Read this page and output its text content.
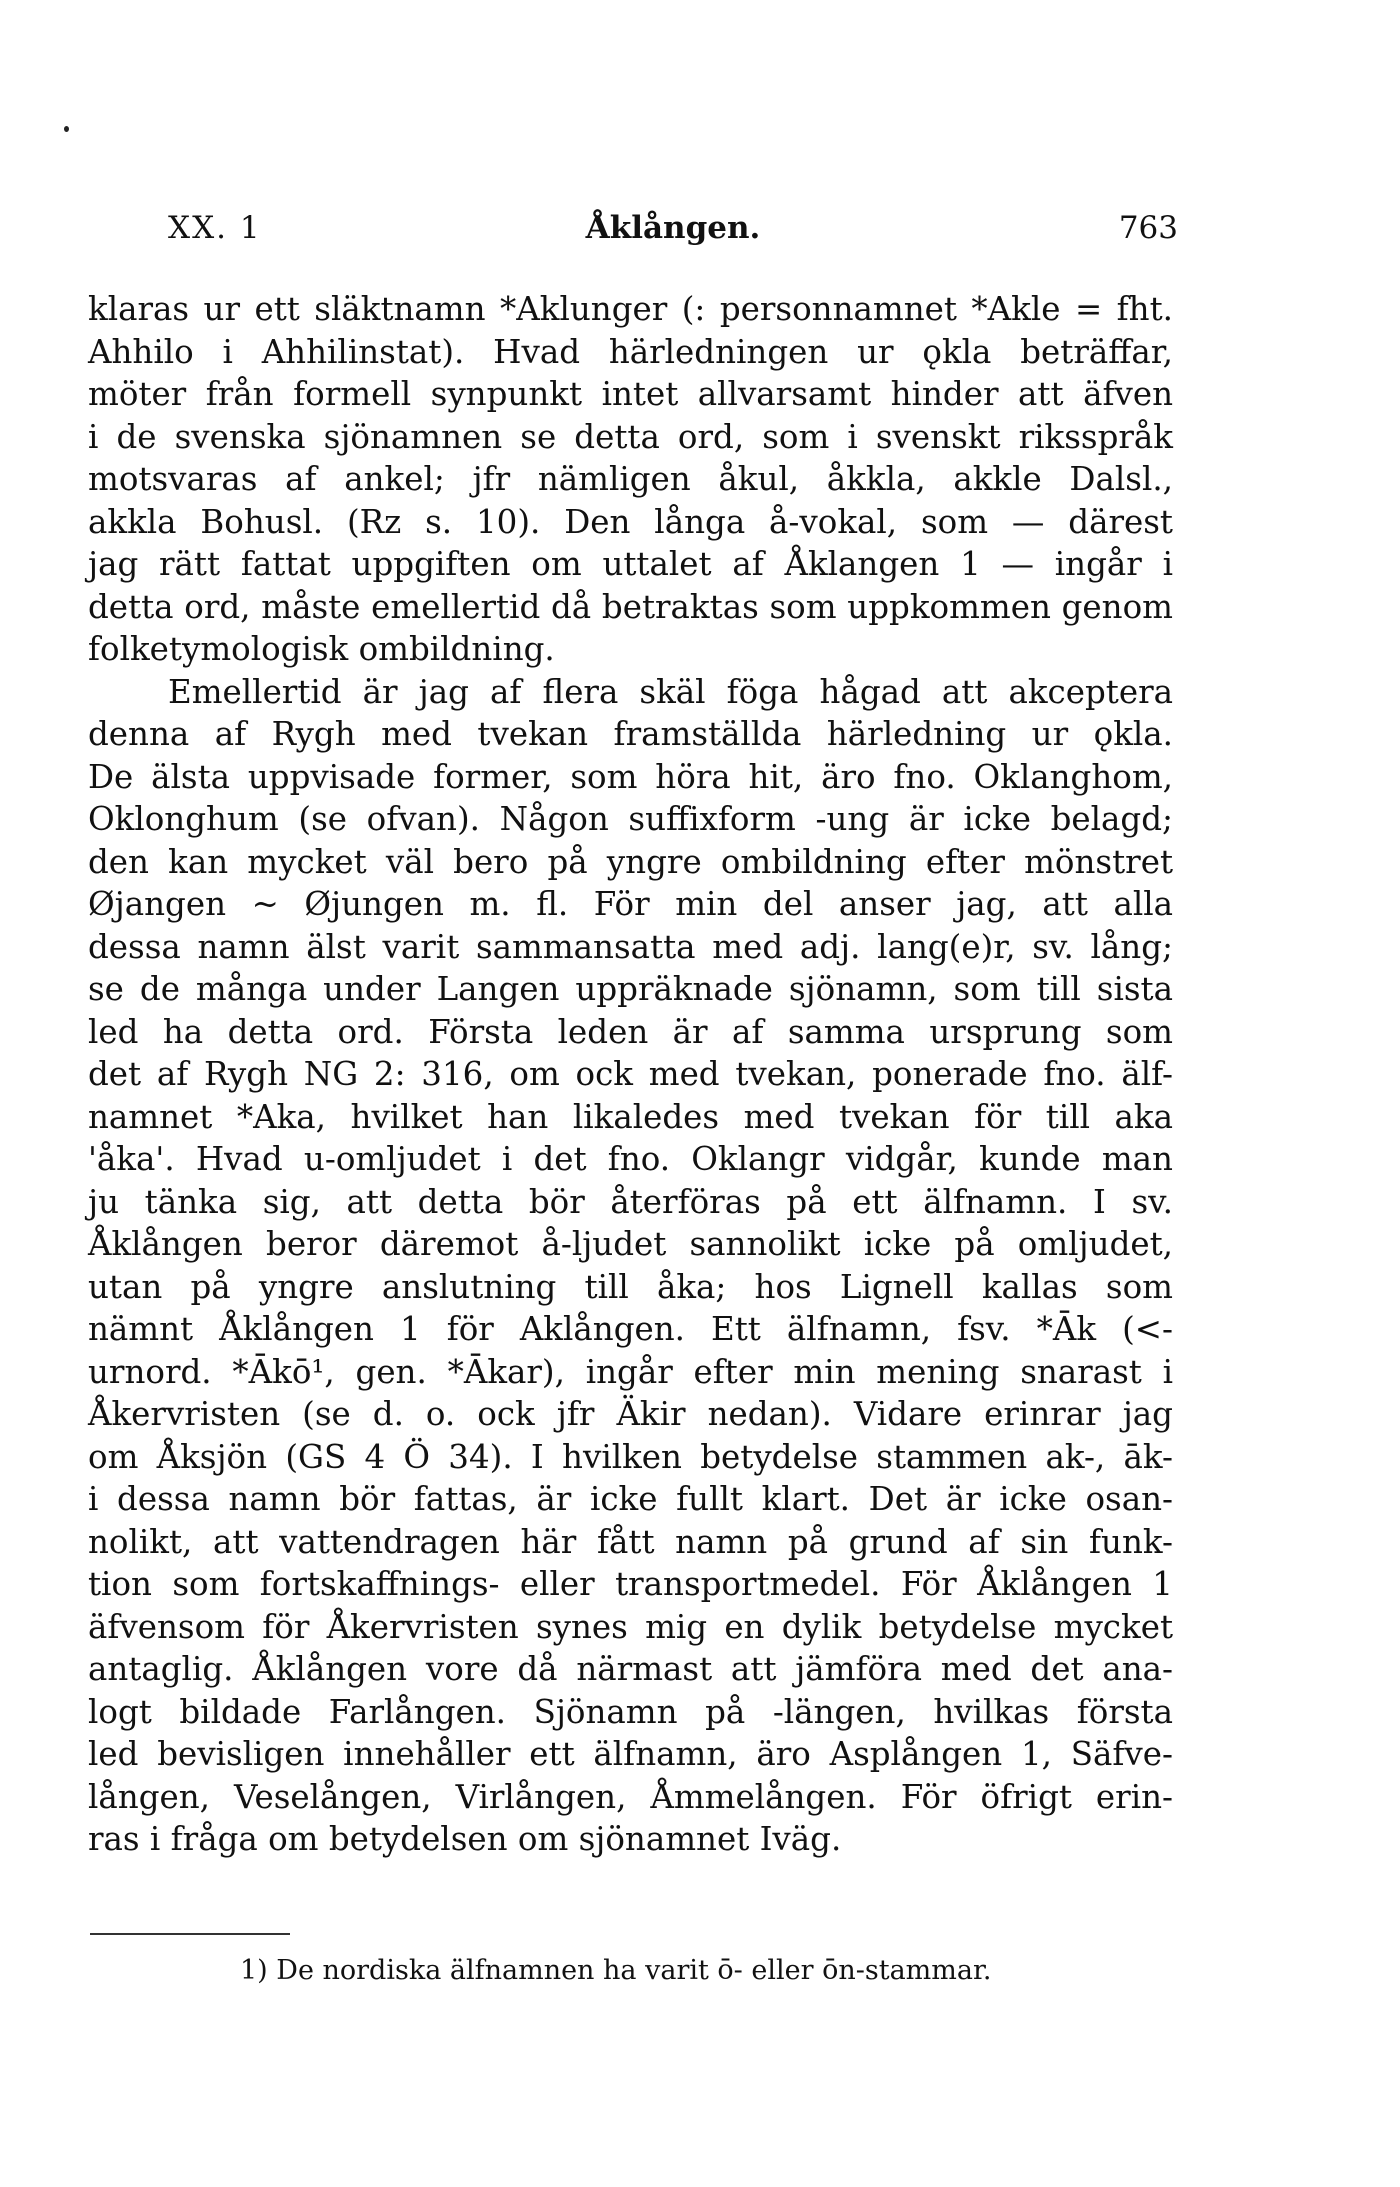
XX. 1	Åklången.	763
klaras ur ett släktnamn *Aklunger (: personnamnet *Akle = fht.
Ahhilo i Ahhilinstat). Hvad härledningen ur ǫkla beträffar,
möter från formell synpunkt intet allvarsamt hinder att äfven
i de svenska sjönamnen se detta ord, som i svenskt riksspråk
motsvaras af ankel; jfr nämligen åkul, åkkla, akkle Dalsl.,
akkla Bohusl. (Rz s. 10). Den långa å-vokal, som — därest
jag rätt fattat uppgiften om uttalet af Åklangen 1 — ingår i
detta ord, måste emellertid då betraktas som uppkommen genom
folketymologisk ombildning.
Emellertid är jag af flera skäl föga hågad att akceptera
denna af Rygh med tvekan framställda härledning ur ǫkla.
De älsta uppvisade former, som höra hit, äro fno. Oklanghom,
Oklonghum (se ofvan). Någon suffixform -ung är icke belagd;
den kan mycket väl bero på yngre ombildning efter mönstret
Øjangen ~ Øjungen m. fl. För min del anser jag, att alla
dessa namn älst varit sammansatta med adj. lang(e)r, sv. lång;
se de många under Langen uppräknade sjönamn, som till sista
led ha detta ord. Första leden är af samma ursprung som
det af Rygh NG 2: 316, om ock med tvekan, ponerade fno. älf-
namnet *Aka, hvilket han likaledes med tvekan för till aka
'åka'. Hvad u-omljudet i det fno. Oklangr vidgår, kunde man
ju tänka sig, att detta bör återföras på ett älfnamn. I sv.
Åklången beror däremot å-ljudet sannolikt icke på omljudet,
utan på yngre anslutning till åka; hos Lignell kallas som
nämnt Åklången 1 för Aklången. Ett älfnamn, fsv. *Āk (<-
urnord. *Ākō¹, gen. *Ākar), ingår efter min mening snarast i
Åkervristen (se d. o. ock jfr Äkir nedan). Vidare erinrar jag
om Åksjön (GS 4 Ö 34). I hvilken betydelse stammen ak-, āk-
i dessa namn bör fattas, är icke fullt klart. Det är icke osan-
nolikt, att vattendragen här fått namn på grund af sin funk-
tion som fortskaffnings- eller transportmedel. För Åklången 1
äfvensom för Åkervristen synes mig en dylik betydelse mycket
antaglig. Åklången vore då närmast att jämföra med det ana-
logt bildade Farlången. Sjönamn på -längen, hvilkas första
led bevisligen innehåller ett älfnamn, äro Asplången 1, Säfve-
lången, Veselången, Virlången, Åmmelången. För öfrigt erin-
ras i fråga om betydelsen om sjönamnet Iväg.
1) De nordiska älfnamnen ha varit ō- eller ōn-stammar.
